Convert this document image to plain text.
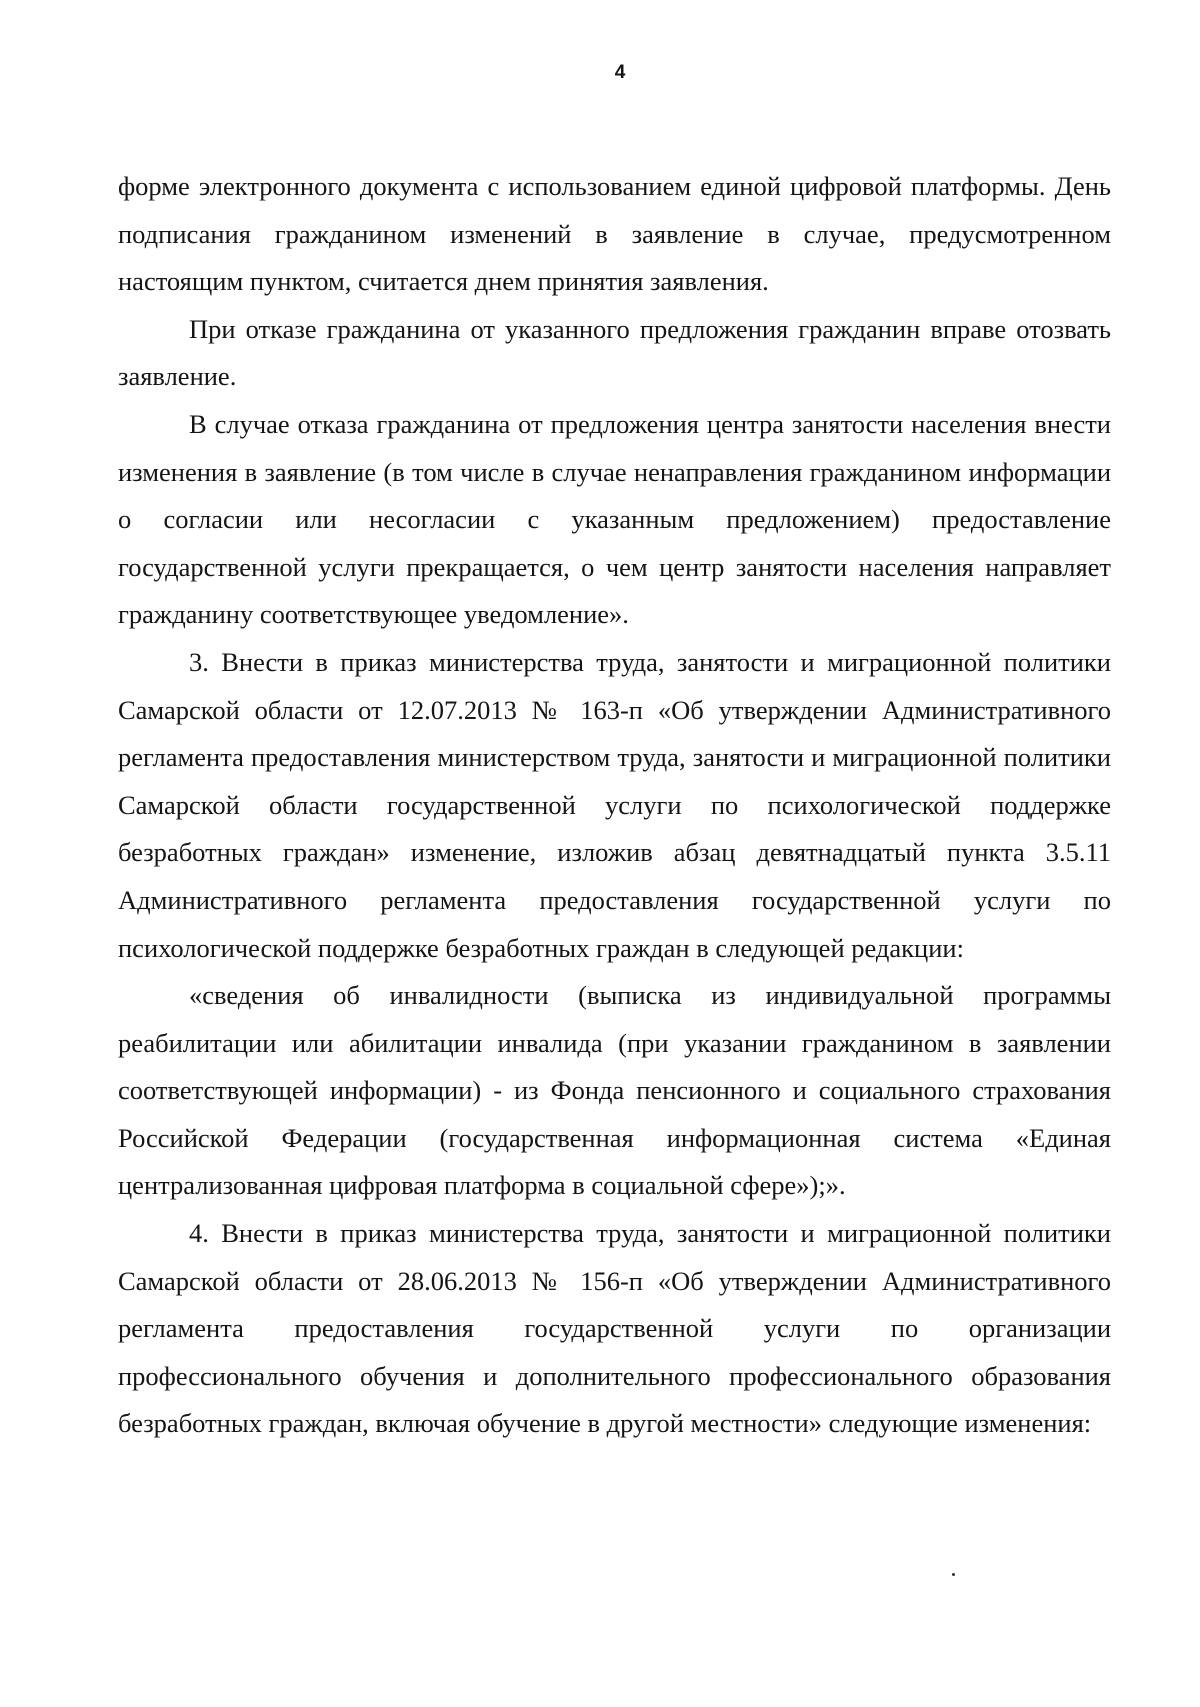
4

форме электронного документа с использованием единой цифровой платформы. День подписания гражданином изменений в заявление в случае, предусмотренном настоящим пунктом, считается днем принятия заявления.

При отказе гражданина от указанного предложения гражданин вправе отозвать заявление.

В случае отказа гражданина от предложения центра занятости населения внести изменения в заявление (в том числе в случае ненаправления гражданином информации о согласии или несогласии с указанным предложением) предоставление государственной услуги прекращается, о чем центр занятости населения направляет гражданину соответствующее уведомление».

3. Внести в приказ министерства труда, занятости и миграционной политики Самарской области от 12.07.2013 № 163-п «Об утверждении Административного регламента предоставления министерством труда, занятости и миграционной политики Самарской области государственной услуги по психологической поддержке безработных граждан» изменение, изложив абзац девятнадцатый пункта 3.5.11 Административного регламента предоставления государственной услуги по психологической поддержке безработных граждан в следующей редакции:

«сведения об инвалидности (выписка из индивидуальной программы реабилитации или абилитации инвалида (при указании гражданином в заявлении соответствующей информации) - из Фонда пенсионного и социального страхования Российской Федерации (государственная информационная система «Единая централизованная цифровая платформа в социальной сфере»);».

4. Внести в приказ министерства труда, занятости и миграционной политики Самарской области от 28.06.2013 № 156-п «Об утверждении Административного регламента предоставления государственной услуги по организации профессионального обучения и дополнительного профессионального образования безработных граждан, включая обучение в другой местности» следующие изменения:
